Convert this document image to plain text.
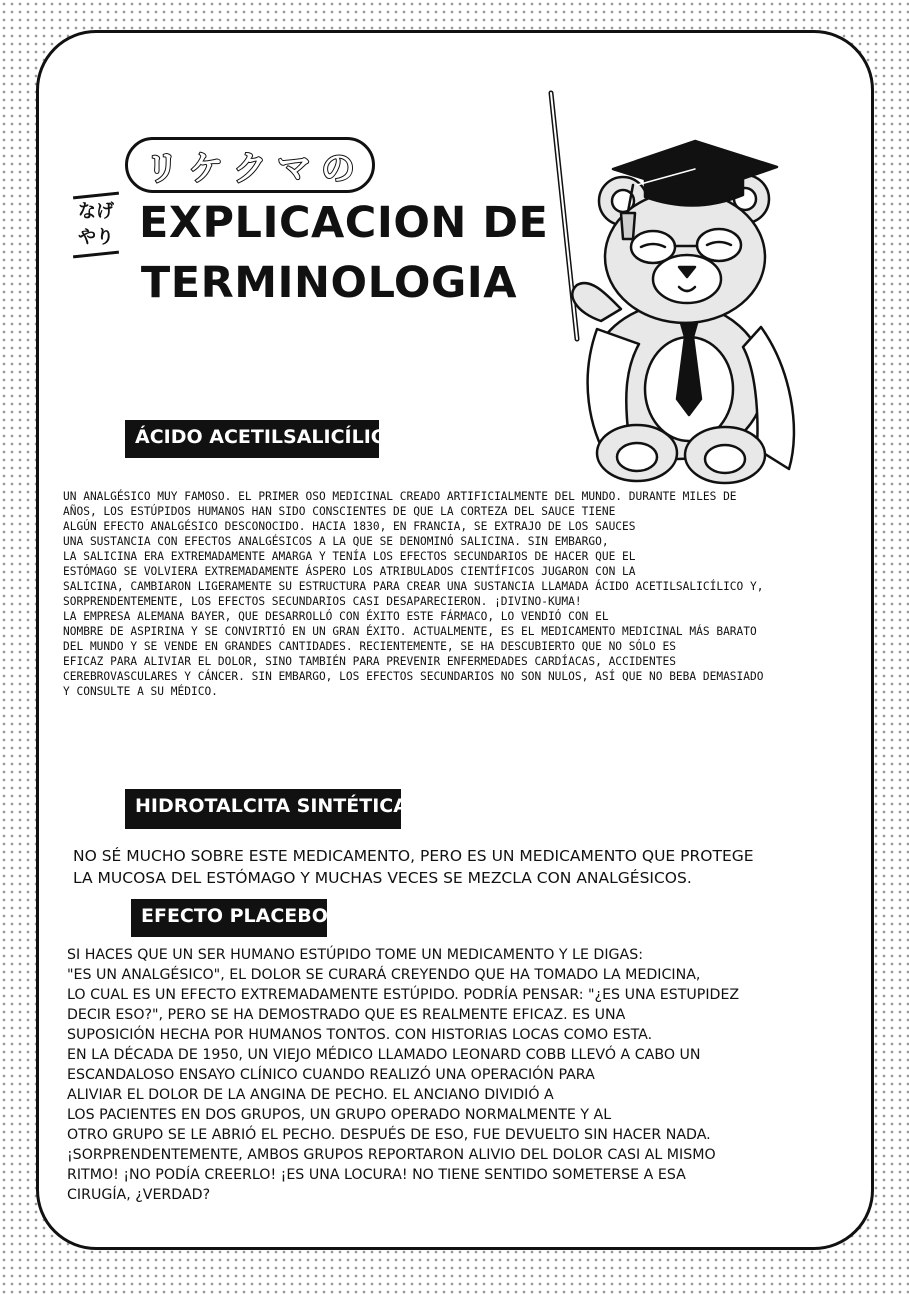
リ ケ ク マ の
なげ
やり EXPLICACION DE
TERMINOLOGIA
ÁCIDO ACETILSALICÍLICO
UN ANALGÉSICO MUY FAMOSO. EL PRIMER OSO MEDICINAL CREADO ARTIFICIALMENTE DEL MUNDO. DURANTE MILES DE
AÑOS, LOS ESTÚPIDOS HUMANOS HAN SIDO CONSCIENTES DE QUE LA CORTEZA DEL SAUCE TIENE
ALGÚN EFECTO ANALGÉSICO DESCONOCIDO. HACIA 1830, EN FRANCIA, SE EXTRAJO DE LOS SAUCES
UNA SUSTANCIA CON EFECTOS ANALGÉSICOS A LA QUE SE DENOMINÓ SALICINA. SIN EMBARGO,
LA SALICINA ERA EXTREMADAMENTE AMARGA Y TENÍA LOS EFECTOS SECUNDARIOS DE HACER QUE EL
ESTÓMAGO SE VOLVIERA EXTREMADAMENTE ÁSPERO LOS ATRIBULADOS CIENTÍFICOS JUGARON CON LA
SALICINA, CAMBIARON LIGERAMENTE SU ESTRUCTURA PARA CREAR UNA SUSTANCIA LLAMADA ÁCIDO ACETILSALICÍLICO Y,
SORPRENDENTEMENTE, LOS EFECTOS SECUNDARIOS CASI DESAPARECIERON. ¡DIVINO-KUMA!
LA EMPRESA ALEMANA BAYER, QUE DESARROLLÓ CON ÉXITO ESTE FÁRMACO, LO VENDIÓ CON EL
NOMBRE DE ASPIRINA Y SE CONVIRTIÓ EN UN GRAN ÉXITO. ACTUALMENTE, ES EL MEDICAMENTO MEDICINAL MÁS BARATO
DEL MUNDO Y SE VENDE EN GRANDES CANTIDADES. RECIENTEMENTE, SE HA DESCUBIERTO QUE NO SÓLO ES
EFICAZ PARA ALIVIAR EL DOLOR, SINO TAMBIÉN PARA PREVENIR ENFERMEDADES CARDÍACAS, ACCIDENTES
CEREBROVASCULARES Y CÁNCER. SIN EMBARGO, LOS EFECTOS SECUNDARIOS NO SON NULOS, ASÍ QUE NO BEBA DEMASIADO
Y CONSULTE A SU MÉDICO.
HIDROTALCITA SINTÉTICA
NO SÉ MUCHO SOBRE ESTE MEDICAMENTO, PERO ES UN MEDICAMENTO QUE PROTEGE
LA MUCOSA DEL ESTÓMAGO Y MUCHAS VECES SE MEZCLA CON ANALGÉSICOS.
EFECTO PLACEBO
SI HACES QUE UN SER HUMANO ESTÚPIDO TOME UN MEDICAMENTO Y LE DIGAS:
"ES UN ANALGÉSICO", EL DOLOR SE CURARÁ CREYENDO QUE HA TOMADO LA MEDICINA,
LO CUAL ES UN EFECTO EXTREMADAMENTE ESTÚPIDO. PODRÍA PENSAR: "¿ES UNA ESTUPIDEZ
DECIR ESO?", PERO SE HA DEMOSTRADO QUE ES REALMENTE EFICAZ. ES UNA
SUPOSICIÓN HECHA POR HUMANOS TONTOS. CON HISTORIAS LOCAS COMO ESTA.
EN LA DÉCADA DE 1950, UN VIEJO MÉDICO LLAMADO LEONARD COBB LLEVÓ A CABO UN
ESCANDALOSO ENSAYO CLÍNICO CUANDO REALIZÓ UNA OPERACIÓN PARA
ALIVIAR EL DOLOR DE LA ANGINA DE PECHO. EL ANCIANO DIVIDIÓ A
LOS PACIENTES EN DOS GRUPOS, UN GRUPO OPERADO NORMALMENTE Y AL
OTRO GRUPO SE LE ABRIÓ EL PECHO. DESPUÉS DE ESO, FUE DEVUELTO SIN HACER NADA.
¡SORPRENDENTEMENTE, AMBOS GRUPOS REPORTARON ALIVIO DEL DOLOR CASI AL MISMO
RITMO! ¡NO PODÍA CREERLO! ¡ES UNA LOCURA! NO TIENE SENTIDO SOMETERSE A ESA
CIRUGÍA, ¿VERDAD?
